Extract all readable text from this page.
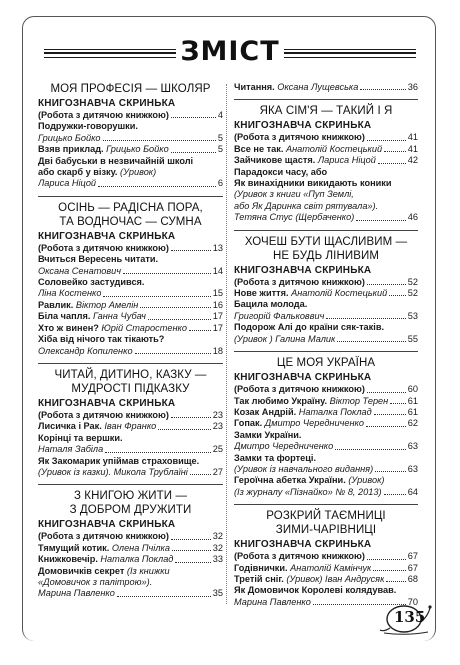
ЗМІСТ
МОЯ ПРОФЕСІЯ — ШКОЛЯР
КНИГОЗНАВЧА СКРИНЬКА
(Робота з дитячою книжкою)	4
Подружки-говорушки.
Грицько Бойко	5
Взяв приклад. Грицько Бойко	5
Дві бабуськи в незвичайній школі
або скарб у візку. (Уривок)
Лариса Ніцой	6
ОСІНЬ — РАДІСНА ПОРА,
ТА ВОДНОЧАС — СУМНА
КНИГОЗНАВЧА СКРИНЬКА
(Робота з дитячою книжкою)	13
Вчиться Вересень читати.
Оксана Сенатович	14
Соловейко застудився.
Ліна Костенко	15
Равлик. Віктор Амелін	16
Біла чапля. Ганна Чубач	17
Хто ж винен? Юрій Старостенко	17
Хіба від нічого так тікають?
Олександр Копиленко	18
ЧИТАЙ, ДИТИНО, КАЗКУ —
МУДРОСТІ ПІДКАЗКУ
КНИГОЗНАВЧА СКРИНЬКА
(Робота з дитячою книжкою)	23
Лисичка і Рак. Іван Франко	23
Корінці та вершки.
Наталя Забіла	25
Як Закомарик упіймав страховище.
(Уривок із казки). Микола Трублаїні	27
З КНИГОЮ ЖИТИ —
З ДОБРОМ ДРУЖИТИ
КНИГОЗНАВЧА СКРИНЬКА
(Робота з дитячою книжкою)	32
Тямущий котик. Олена Пчілка	32
Книжковечір. Наталка Поклад	33
Домовичків секрет (Із книжки
«Домовичок з палітрою»).
Марина Павленко	35
Читання. Оксана Лущевська	36
ЯКА СІМ'Я — ТАКИЙ І Я
КНИГОЗНАВЧА СКРИНЬКА
(Робота з дитячою книжкою)	41
Все не так. Анатолій Костецький	41
Зайчикове щастя. Лариса Ніцой	42
Парадокси часу, або
Як винахідники викидають коники
(Уривок з книги «Пуп Землі,
або Як Даринка світ рятувала»).
Тетяна Стус (Щербаченко)	46
ХОЧЕШ БУТИ ЩАСЛИВИМ —
НЕ БУДЬ ЛІНИВИМ
КНИГОЗНАВЧА СКРИНЬКА
(Робота з дитячою книжкою)	52
Нове життя. Анатолій Костецький 52
Бацила молода.
Григорій Фальковвич	53
Подорож Алі до країни сяк-таків.
(Уривок ) Галина Малик	55
ЦЕ МОЯ УКРАЇНА
КНИГОЗНАВЧА СКРИНЬКА
(Робота з дитячою книжкою)	60
Так любимо Україну. Віктор Терен 61
Козак Андрій. Наталка Поклад	61
Гопак. Дмитро Чередниченко	62
Замки України.
Дмитро Чередниченко	63
Замки та фортеці.
(Уривок із навчального видання)	63
Героїчна абетка України. (Уривок)
(Із журналу «Пізнайко» № 8, 2013)	64
РОЗКРИЙ ТАЄМНИЦІ
ЗИМИ-ЧАРІВНИЦІ
КНИГОЗНАВЧА СКРИНЬКА
(Робота з дитячою книжкою)	67
Годівнички. Анатолій Камінчук	67
Третій сніг. (Уривок) Іван Андрусяк	68
Як Домовичок Королеві колядував.
Марина Павленко	70
135
